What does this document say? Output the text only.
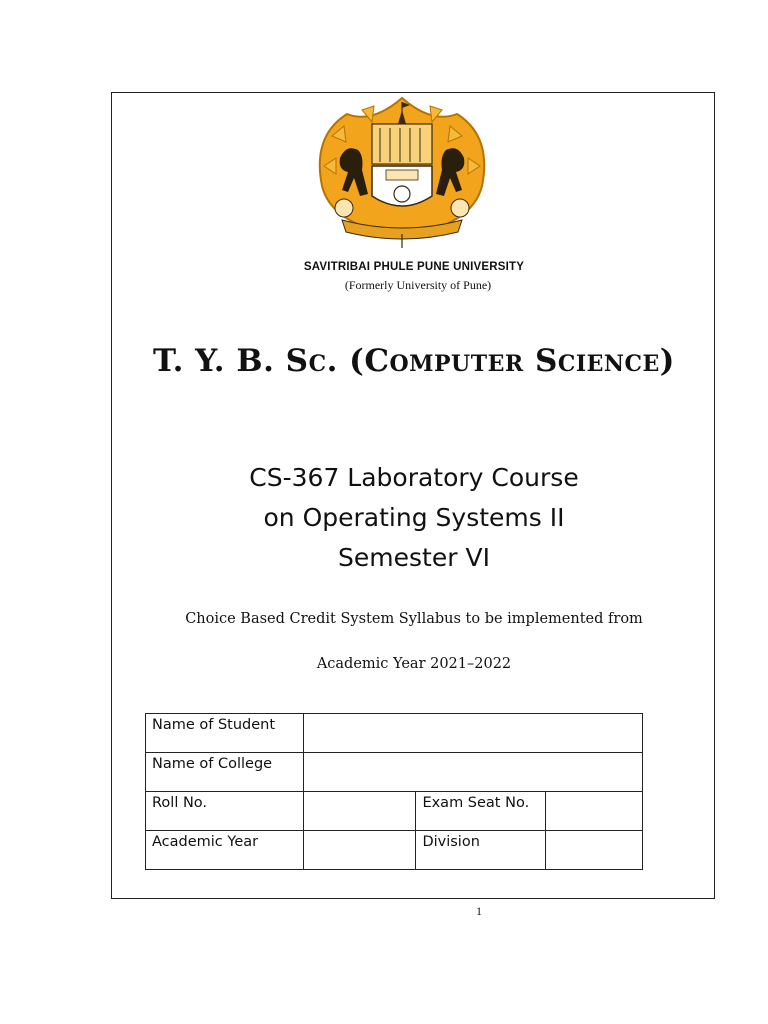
SAVITRIBAI PHULE PUNE UNIVERSITY
(Formerly University of Pune)
T. Y. B. Sc. (Computer Science)
CS-367 Laboratory Course
on Operating Systems II
Semester VI
Choice Based Credit System Syllabus to be implemented from
Academic Year 2021–2022
Name of Student			
Name of College			
Roll No.		Exam Seat No.	
Academic Year		Division	
1
